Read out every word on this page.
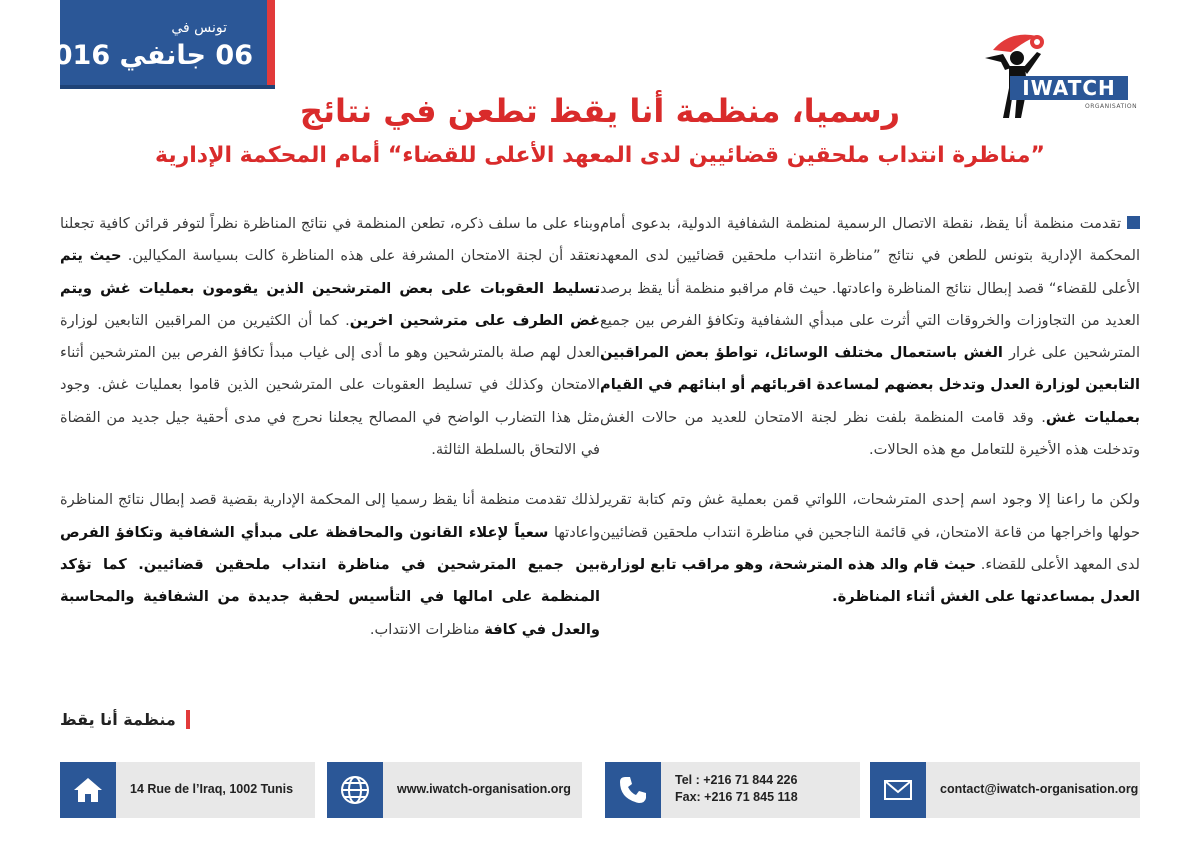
تونس في
06 جانفي 2016
IWATCH
ORGANISATION
رسميا، منظمة أنا يقظ تطعن في نتائج
”مناظرة انتداب ملحقين قضائيين لدى المعهد الأعلى للقضاء“ أمام المحكمة الإدارية

تقدمت منظمة أنا يقظ، نقطة الاتصال الرسمية لمنظمة الشفافية الدولية، بدعوى أمام المحكمة الإدارية بتونس للطعن في نتائج ”مناظرة انتداب ملحقين قضائيين لدى المعهد الأعلى للقضاء“ قصد إبطال نتائج المناظرة واعادتها. حيث قام مراقبو منظمة أنا يقظ برصد العديد من التجاوزات والخروقات التي أثرت على مبدأي الشفافية وتكافؤ الفرص بين جميع المترشحين على غرار الغش باستعمال مختلف الوسائل، تواطؤ بعض المراقبين التابعين لوزارة العدل وتدخل بعضهم لمساعدة اقربائهم أو ابنائهم في القيام بعمليات غش. وقد قامت المنظمة بلفت نظر لجنة الامتحان للعديد من حالات الغش وتدخلت هذه الأخيرة للتعامل مع هذه الحالات.

ولكن ما راعنا إلا وجود اسم إحدى المترشحات، اللواتي قمن بعملية غش وتم كتابة تقرير حولها واخراجها من قاعة الامتحان، في قائمة الناجحين في مناظرة انتداب ملحقين قضائيين لدى المعهد الأعلى للقضاء. حيث قام والد هذه المترشحة، وهو مراقب تابع لوزارة العدل بمساعدتها على الغش أثناء المناظرة.

وبناء على ما سلف ذكره، تطعن المنظمة في نتائج المناظرة نظراً لتوفر قرائن كافية تجعلنا نعتقد أن لجنة الامتحان المشرفة على هذه المناظرة كالت بسياسة المكيالين. حيث يتم تسليط العقوبات على بعض المترشحين الذين يقومون بعمليات غش ويتم غض الطرف على مترشحين اخرين. كما أن الكثيرين من المراقبين التابعين لوزارة العدل لهم صلة بالمترشحين وهو ما أدى إلى غياب مبدأ تكافؤ الفرص بين المترشحين أثناء الامتحان وكذلك في تسليط العقوبات على المترشحين الذين قاموا بعمليات غش. وجود مثل هذا التضارب الواضح في المصالح يجعلنا نحرج في مدى أحقية جيل جديد من القضاة في الالتحاق بالسلطة الثالثة.

لذلك تقدمت منظمة أنا يقظ رسميا إلى المحكمة الإدارية بقضية قصد إبطال نتائج المناظرة واعادتها سعياً لإعلاء القانون والمحافظة على مبدأي الشفافية وتكافؤ الفرص بين جميع المترشحين في مناظرة انتداب ملحقين قضائيين. كما تؤكد المنظمة على امالها في التأسيس لحقبة جديدة من الشفافية والمحاسبة والعدل في كافة مناظرات الانتداب.

منظمة أنا يقظ
14 Rue de l’Iraq, 1002 Tunis	www.iwatch-organisation.org
Tel : +216 71 844 226
Fax: +216 71 845 118
contact@iwatch-organisation.org
